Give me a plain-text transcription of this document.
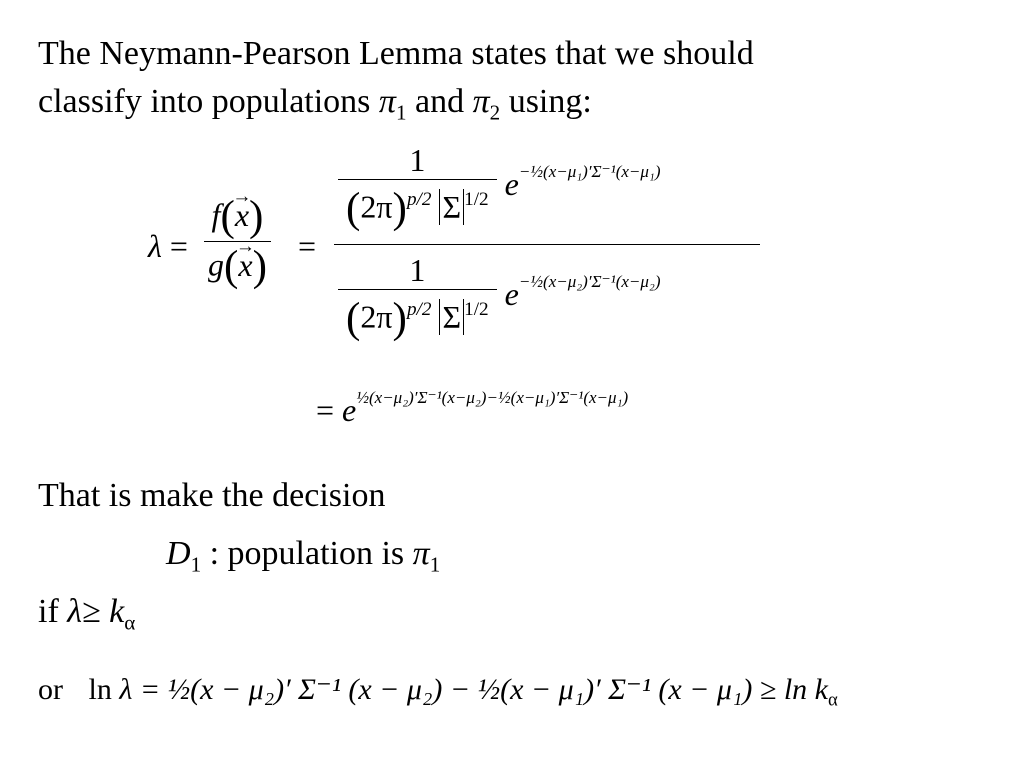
The Neymann-Pearson Lemma states that we should
classify into populations $\pi_1$ and $\pi_2$ using:
$\lambda = \frac{f(x \to)}{g(x \to)}$ =
$\frac{1}{(2\pi)^{p/2} \Sigma ^{1/2}} e^{-\frac{1}{2}(x-\mu_1)'\Sigma^{-1}(x-\mu_1)}$
$\frac{1}{(2\pi)^{p/2} \Sigma ^{1/2}} e^{-\frac{1}{2}(x-\mu_2)'\Sigma^{-1}(x-\mu_2)}$
= $e^{\frac{1}{2}(x-\mu_2)'\Sigma^{-1}(x-\mu_2)-\frac{1}{2}(x-\mu_1)'\Sigma^{-1}(x-\mu_1)}$
That is make the decision
$D_1$ : population is $\pi_1$
if $\lambda\ge k_\alpha$
or ln λ = ½(x − μ₂)′ Σ⁻¹ (x − μ₂) − ½(x − μ₁)′ Σ⁻¹ $(x - \mu_1) \ge \ln k_\alpha$
